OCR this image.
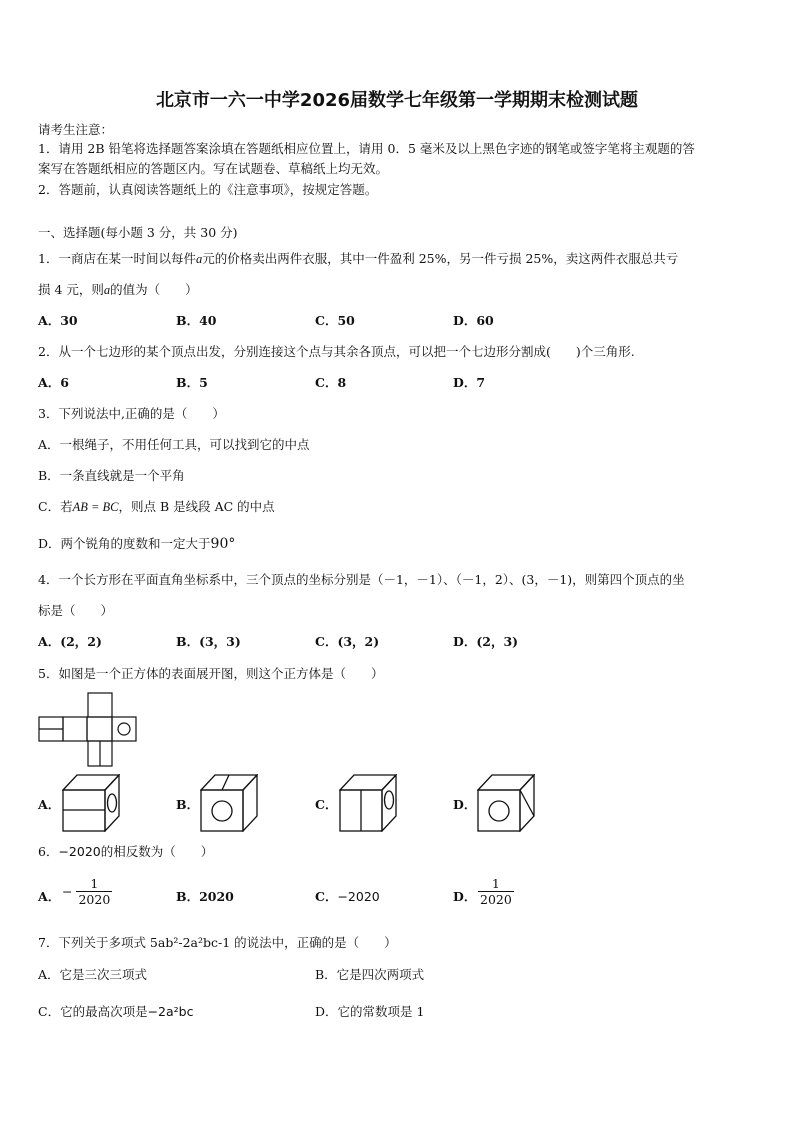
北京市一六一中学2026届数学七年级第一学期期末检测试题
请考生注意：
1．请用 2B 铅笔将选择题答案涂填在答题纸相应位置上，请用 0．5 毫米及以上黑色字迹的钢笔或签字笔将主观题的答
案写在答题纸相应的答题区内。写在试题卷、草稿纸上均无效。
2．答题前，认真阅读答题纸上的《注意事项》，按规定答题。
一、选择题(每小题 3 分，共 30 分)
1．一商店在某一时间以每件a元的价格卖出两件衣服，其中一件盈利 25%，另一件亏损 25%，卖这两件衣服总共亏
损 4 元，则a的值为（　　）
A．30	B．40	C．50	D．60
2．从一个七边形的某个顶点出发，分别连接这个点与其余各顶点，可以把一个七边形分割成(　　)个三角形.
A．6	B．5	C．8	D．7
3．下列说法中,正确的是（　　）
A．一根绳子，不用任何工具，可以找到它的中点
B．一条直线就是一个平角
C．若AB = BC，则点 B 是线段 AC 的中点
D．两个锐角的度数和一定大于90°
4．一个长方形在平面直角坐标系中，三个顶点的坐标分别是（－1，－1）、（－1，2）、(3，－1)，则第四个顶点的坐
标是（　　）
A．(2，2)	B．(3，3)	C．(3，2)	D．(2，3)
5．如图是一个正方体的表面展开图，则这个正方体是（　　）
A．	B．	C．	D．
6．−2020的相反数为（　　）
A． − $\frac{1}{2020}$	B．2020	C．−2020	D． $\frac{1}{2020}$
7．下列关于多项式 5ab²-2a²bc-1 的说法中，正确的是（　　）
A．它是三次三项式	B．它是四次两项式
C．它的最高次项是−2a²bc	D．它的常数项是 1
